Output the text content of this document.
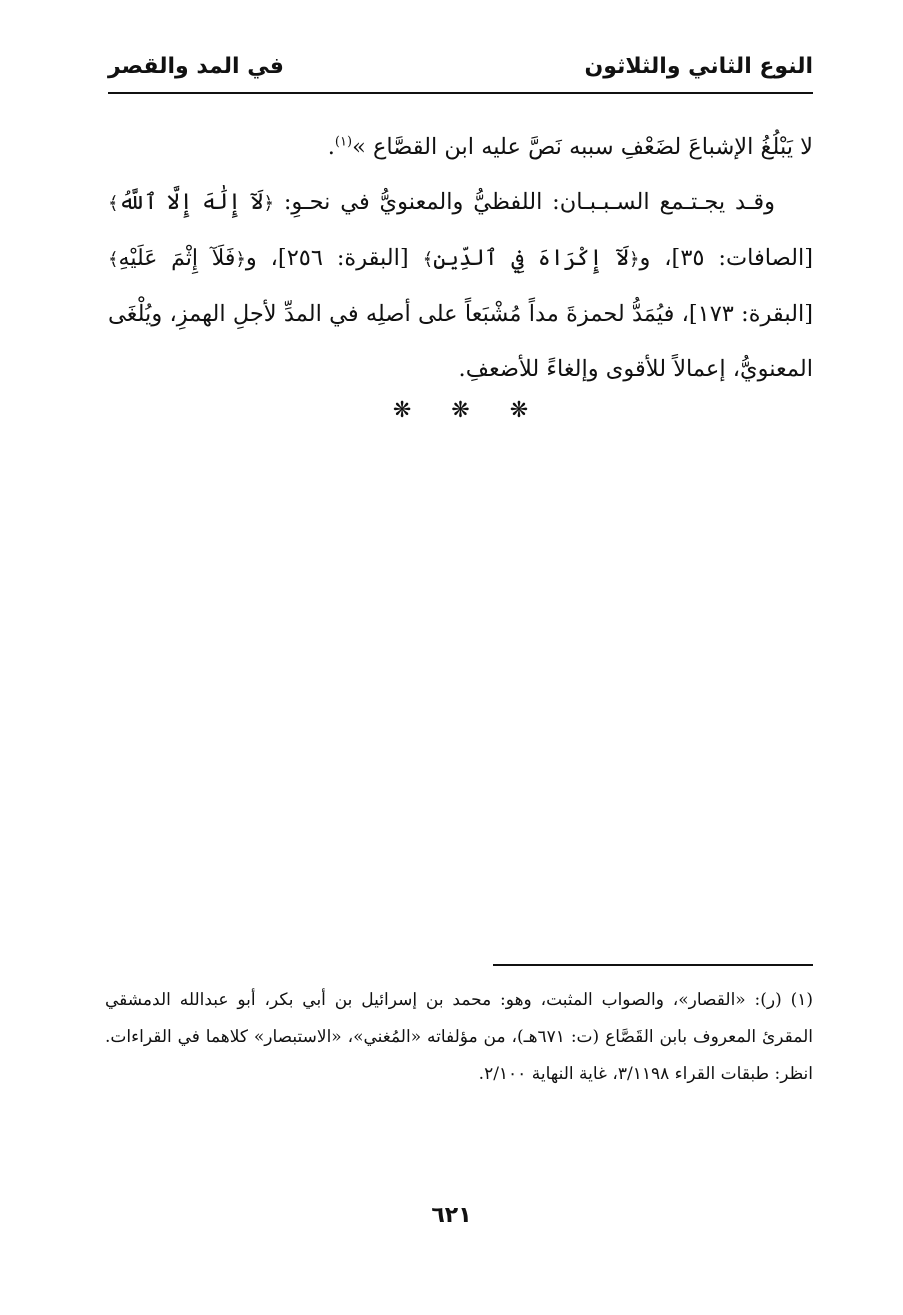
النوع الثاني والثلاثون
في المد والقصر

لا يَبْلُغُ الإشباعَ لضَعْفِ سببه نَصَّ عليه ابن القصَّاع »$^{(١)}$.

وقـد يجـتـمع السـبـبـان: اللفظيُّ والمعنويُّ في نحـوِ: ﴿لَآ إِلَٰهَ إِلَّا ٱللَّهُ﴾ [الصافات: ٣٥]، و﴿لَآ إِكْرَاهَ فِي ٱلدِّينِ﴾ [البقرة: ٢٥٦]، و﴿فَلَآ إِثْمَ عَلَيْهِ﴾ [البقرة: ١٧٣]، فيُمَدُّ لحمزةَ مداً مُشْبَعاً على أصلِه في المدِّ لأجلِ الهمزِ، ويُلْغَى المعنويُّ، إعمالاً للأقوى وإلغاءً للأضعفِ.

❋❋❋

(١) (ر): «القصار»، والصواب المثبت، وهو: محمد بن إسرائيل بن أبي بكر، أبو عبدالله الدمشقي المقرئ المعروف بابن القَصَّاع (ت: ٦٧١هـ)، من مؤلفاته «المُغني»، «الاستبصار» كلاهما في القراءات. انظر: طبقات القراء ٣/١١٩٨، غاية النهاية ٢/١٠٠.

٦٢١
